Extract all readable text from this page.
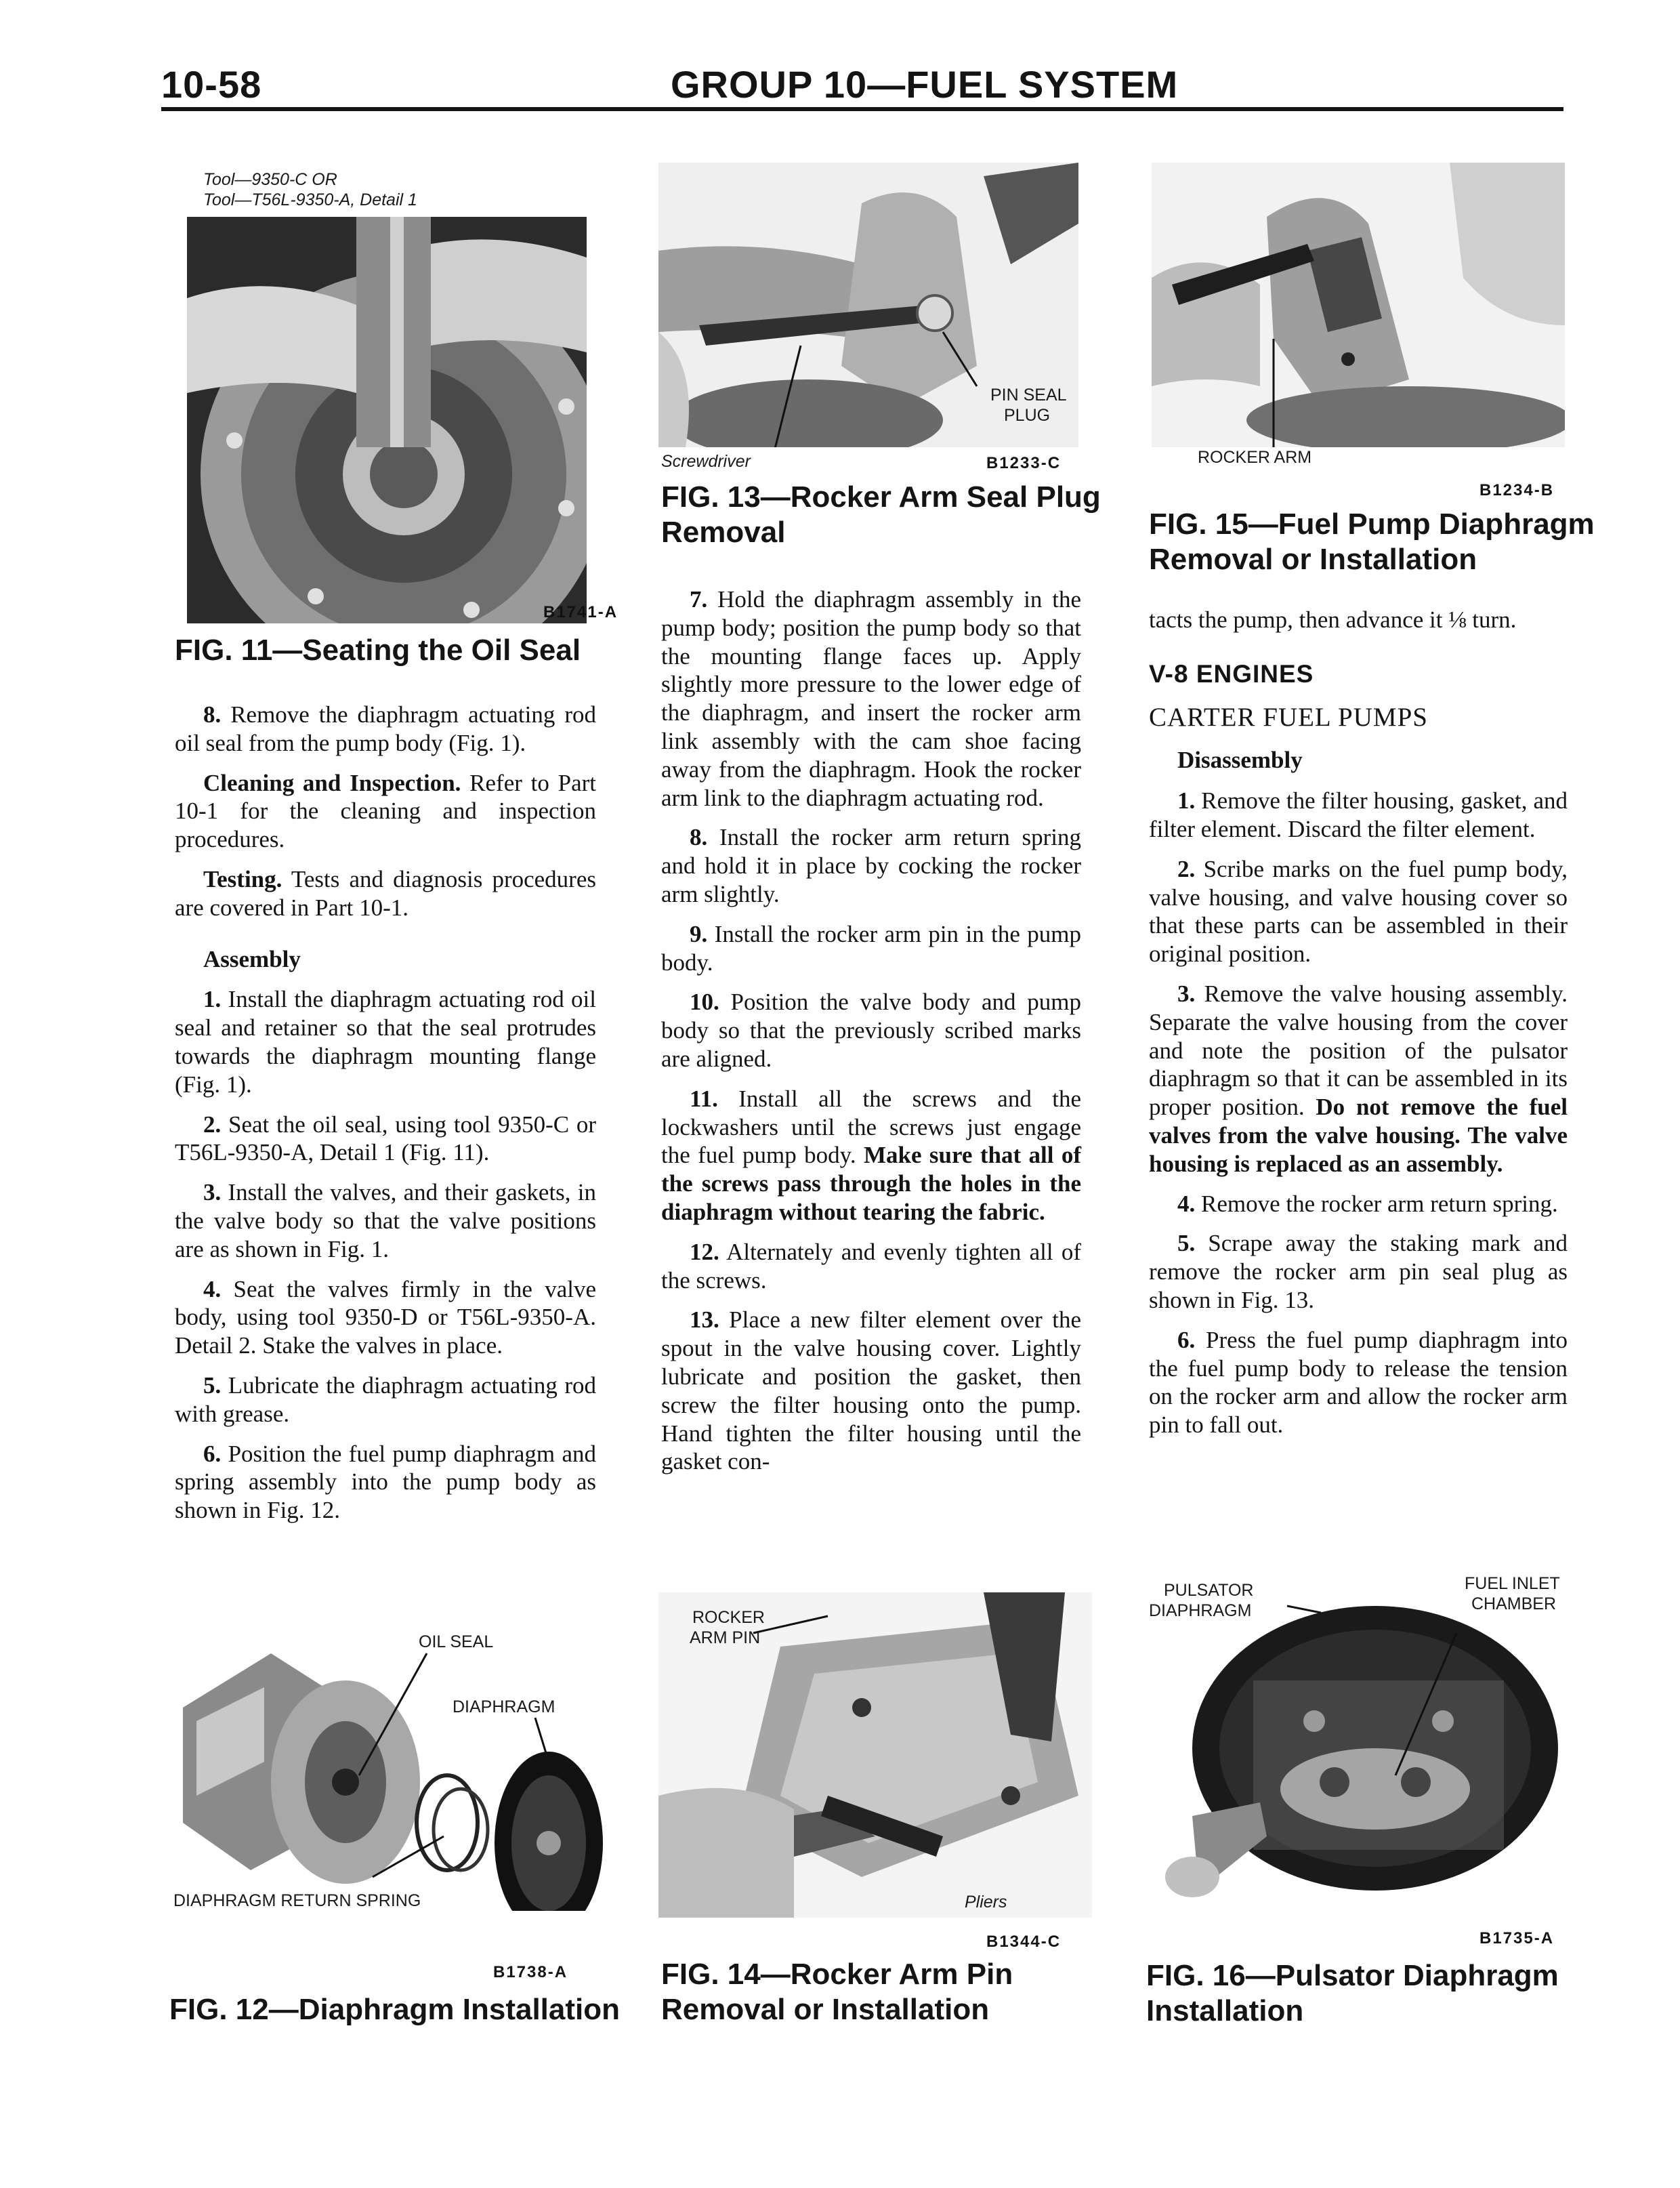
10-58	GROUP 10—FUEL SYSTEM
Tool—9350-C OR
Tool—T56L-9350-A, Detail 1
B1741-A
FIG. 11—Seating the Oil Seal

8. Remove the diaphragm actuating rod oil seal from the pump body (Fig. 1).

Cleaning and Inspection. Refer to Part 10-1 for the cleaning and inspection procedures.

Testing. Tests and diagnosis procedures are covered in Part 10-1.

Assembly

1. Install the diaphragm actuating rod oil seal and retainer so that the seal protrudes towards the diaphragm mounting flange (Fig. 1).

2. Seat the oil seal, using tool 9350-C or T56L-9350-A, Detail 1 (Fig. 11).

3. Install the valves, and their gaskets, in the valve body so that the valve positions are as shown in Fig. 1.

4. Seat the valves firmly in the valve body, using tool 9350-D or T56L-9350-A. Detail 2. Stake the valves in place.

5. Lubricate the diaphragm actuating rod with grease.

6. Position the fuel pump diaphragm and spring assembly into the pump body as shown in Fig. 12.

OIL SEAL
DIAPHRAGM
DIAPHRAGM RETURN SPRING
B1738-A
FIG. 12—Diaphragm Installation
PIN SEAL
PLUG
Screwdriver	B1233-C
FIG. 13—Rocker Arm Seal Plug
Removal

7. Hold the diaphragm assembly in the pump body; position the pump body so that the mounting flange faces up. Apply slightly more pressure to the lower edge of the diaphragm, and insert the rocker arm link assembly with the cam shoe facing away from the diaphragm. Hook the rocker arm link to the diaphragm actuating rod.

8. Install the rocker arm return spring and hold it in place by cocking the rocker arm slightly.

9. Install the rocker arm pin in the pump body.

10. Position the valve body and pump body so that the previously scribed marks are aligned.

11. Install all the screws and the lockwashers until the screws just engage the fuel pump body. Make sure that all of the screws pass through the holes in the diaphragm without tearing the fabric.

12. Alternately and evenly tighten all of the screws.

13. Place a new filter element over the spout in the valve housing cover. Lightly lubricate and position the gasket, then screw the filter housing onto the pump. Hand tighten the filter housing until the gasket con-

ROCKER
ARM PIN
Pliers
B1344-C
FIG. 14—Rocker Arm Pin
Removal or Installation
ROCKER ARM
B1234-B
FIG. 15—Fuel Pump Diaphragm
Removal or Installation

tacts the pump, then advance it ⅛ turn.

V-8 ENGINES

CARTER FUEL PUMPS

Disassembly

1. Remove the filter housing, gasket, and filter element. Discard the filter element.

2. Scribe marks on the fuel pump body, valve housing, and valve housing cover so that these parts can be assembled in their original position.

3. Remove the valve housing assembly. Separate the valve housing from the cover and note the position of the pulsator diaphragm so that it can be assembled in its proper position. Do not remove the fuel valves from the valve housing. The valve housing is replaced as an assembly.

4. Remove the rocker arm return spring.

5. Scrape away the staking mark and remove the rocker arm pin seal plug as shown in Fig. 13.

6. Press the fuel pump diaphragm into the fuel pump body to release the tension on the rocker arm and allow the rocker arm pin to fall out.

PULSATOR
DIAPHRAGM
FUEL INLET
CHAMBER
B1735-A
FIG. 16—Pulsator Diaphragm
Installation
